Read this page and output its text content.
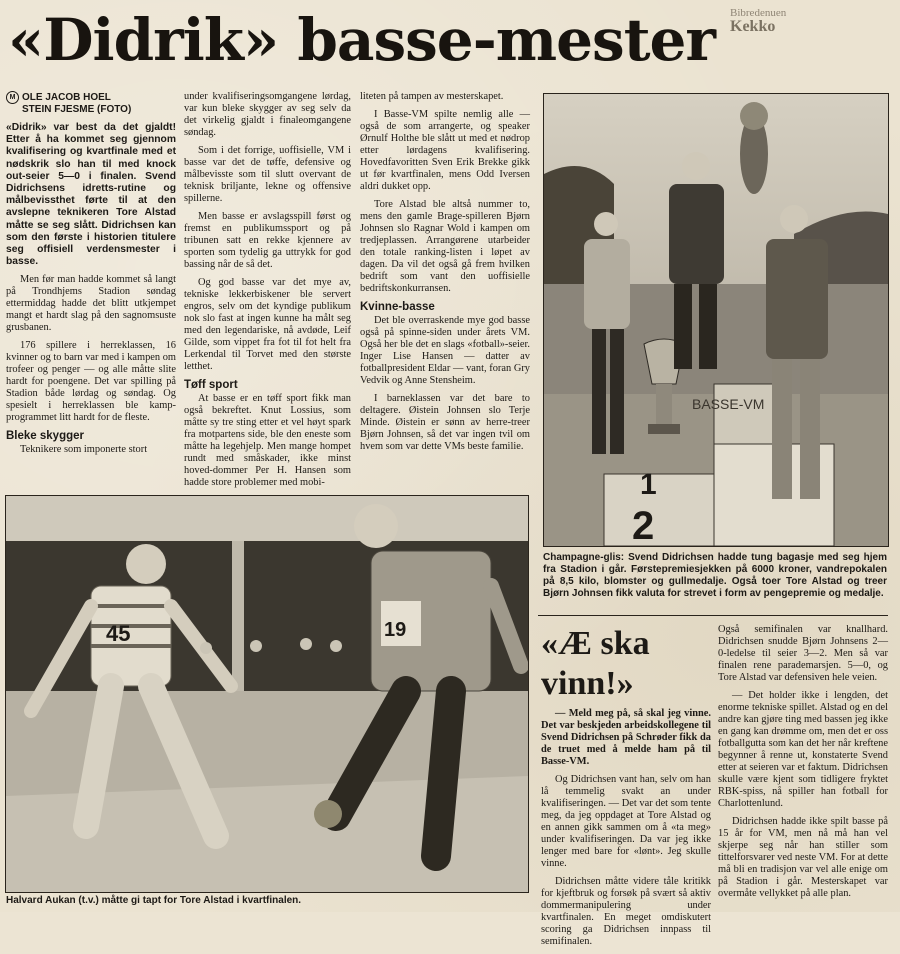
«Didrik» basse-mester	Bibredenuen
Kekko
M OLE JACOB HOEL
STEIN FJESME (FOTO)

«Didrik» var best da det gjaldt! Etter å ha kommet seg gjennom kvalifisering og kvartfinale med et nødskrik slo han til med knock out-seier 5—0 i finalen. Svend Didrichsens idretts-rutine og målbevissthet førte til at den avslepne teknikeren Tore Alstad måtte se seg slått. Didrichsen kan som den første i historien titulere seg offisiell verdensmester i basse.

Men før man hadde kommet så langt på Trondhjems Stadion søndag ettermiddag hadde det blitt utkjempet mangt et hardt slag på den sagnomsuste grusbanen.

176 spillere i herreklassen, 16 kvinner og to barn var med i kampen om trofeer og penger — og alle måtte slite hardt for poengene. Det var spilling på Stadion både lørdag og søndag. Og spesielt i herreklassen ble kamp-programmet litt hardt for de fleste.

Bleke skygger

Teknikere som imponerte stort

under kvalifiseringsomgangene lørdag, var kun bleke skygger av seg selv da det virkelig gjaldt i finaleomgangene søndag.

Som i det forrige, uoffisielle, VM i basse var det de tøffe, defensive og målbevisste som til slutt overvant de teknisk briljante, lekne og offensive spillerne.

Men basse er avslagsspill først og fremst en publikumssport og på tribunen satt en rekke kjennere av sporten som tydelig ga uttrykk for god bassing når de så det.

Og god basse var det mye av, tekniske lekkerbiskener ble servert engros, selv om det kyndige publikum nok slo fast at ingen kunne ha målt seg med den legendariske, nå avdøde, Leif Gilde, som vippet fra fot til fot helt fra Lerkendal til Torvet med den største letthet.

Tøff sport

At basse er en tøff sport fikk man også bekreftet. Knut Lossius, som måtte sy tre sting etter et vel høyt spark fra motpartens side, ble den eneste som måtte ha legehjelp. Men mange hompet rundt med småskader, ikke minst hoved-dommer Per H. Hansen som hadde store problemer med mobi-

liteten på tampen av mesterskapet.

I Basse-VM spilte nemlig alle — også de som arrangerte, og speaker Ørnulf Holthe ble slått ut med et nødrop etter lørdagens kvalifisering. Hovedfavoritten Sven Erik Brekke gikk ut før kvartfinalen, mens Odd Iversen aldri dukket opp.

Tore Alstad ble altså nummer to, mens den gamle Brage-spilleren Bjørn Johnsen slo Ragnar Wold i kampen om tredjeplassen. Arrangørene utarbeider den totale ranking-listen i løpet av dagen. Da vil det også gå frem hvilken bedrift som vant den uoffisielle bedriftskonkurransen.

Kvinne-basse

Det ble overraskende mye god basse også på spinne-siden under årets VM. Også her ble det en slags «fotball»-seier. Inger Lise Hansen — datter av fotballpresident Eldar — vant, foran Gry Vedvik og Anne Stensheim.

I barneklassen var det bare to deltagere. Øistein Johnsen slo Terje Minde. Øistein er sønn av herre-treer Bjørn Johnsen, så det var ingen tvil om hvem som var dette VMs beste familie.

2
1
BASSE-VM
Champagne-glis: Svend Didrichsen hadde tung bagasje med seg hjem fra Stadion i går. Førstepremiesjekken på 6000 kroner, vandrepokalen på 8,5 kilo, blomster og gullmedalje. Også toer Tore Alstad og treer Bjørn Johnsen fikk valuta for strevet i form av pengepremie og medalje.
45	19
Halvard Aukan (t.v.) måtte gi tapt for Tore Alstad i kvartfinalen.
«Æ ska vinn!»

— Meld meg på, så skal jeg vinne. Det var beskjeden arbeidskollegene til Svend Didrichsen på Schrøder fikk da de truet med å melde ham på til Basse-VM.

Og Didrichsen vant han, selv om han lå temmelig svakt an under kvalifiseringen. — Det var det som tente meg, da jeg oppdaget at Tore Alstad og en annen gikk sammen om å «ta meg» under kvalifiseringen. Da var jeg ikke lenger med bare for «lønt». Jeg skulle vinne.

Didrichsen måtte videre tåle kritikk for kjeftbruk og forsøk på svært så aktiv dommermanipulering under kvartfinalen. En meget omdiskutert scoring ga Didrichsen innpass til semifinalen.

Også semifinalen var knallhard. Didrichsen snudde Bjørn Johnsens 2—0-ledelse til seier 3—2. Men så var finalen rene parademarsjen. 5—0, og Tore Alstad var defensiven hele veien.

— Det holder ikke i lengden, det enorme tekniske spillet. Alstad og en del andre kan gjøre ting med bassen jeg ikke en gang kan drømme om, men det er oss fotballgutta som kan det her når kreftene begynner å renne ut, konstaterte Svend etter at seieren var et faktum. Didrichsen skulle være kjent som tidligere fryktet RBK-spiss, nå spiller han fotball for Charlottenlund.

Didrichsen hadde ikke spilt basse på 15 år for VM, men nå må han vel skjerpe seg når han stiller som tittelforsvarer ved neste VM. For at dette må bli en tradisjon var vel alle enige om på Stadion i går. Mesterskapet var overmåte vellykket på alle plan.
